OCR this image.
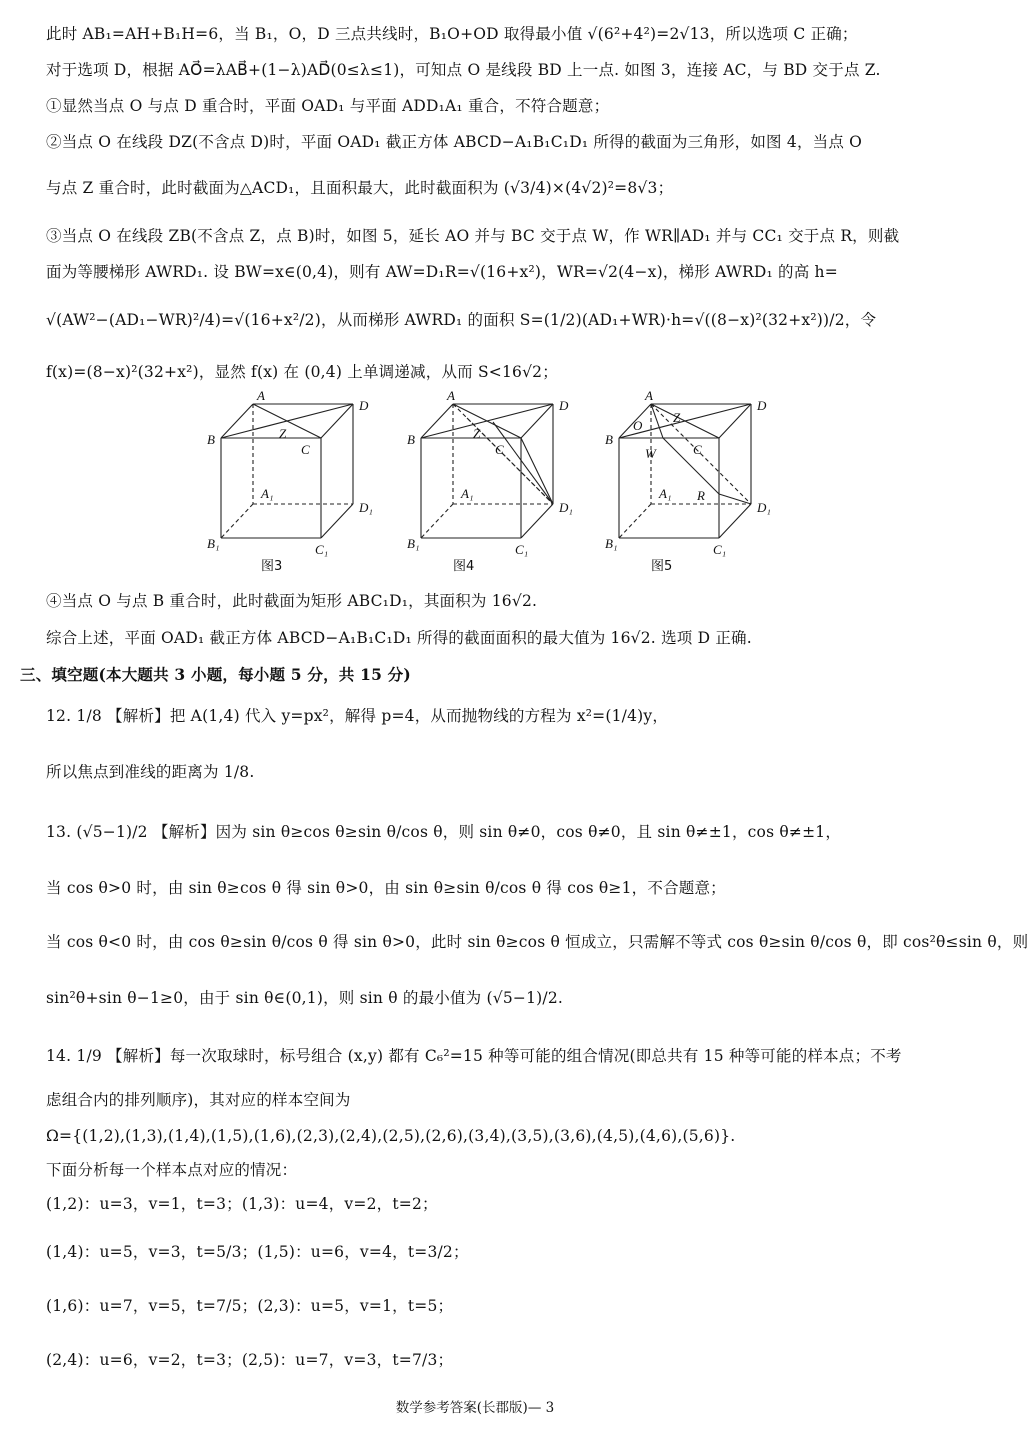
此时 AB₁=AH+B₁H=6，当 B₁，O，D 三点共线时，B₁O+OD 取得最小值 √(6²+4²)=2√13，所以选项 C 正确；
对于选项 D，根据 AO⃗=λAB⃗+(1−λ)AD⃗(0≤λ≤1)，可知点 O 是线段 BD 上一点. 如图 3，连接 AC，与 BD 交于点 Z.
①显然当点 O 与点 D 重合时，平面 OAD₁ 与平面 ADD₁A₁ 重合，不符合题意；
②当点 O 在线段 DZ(不含点 D)时，平面 OAD₁ 截正方体 ABCD−A₁B₁C₁D₁ 所得的截面为三角形，如图 4，当点 O
与点 Z 重合时，此时截面为△ACD₁，且面积最大，此时截面积为 (√3/4)×(4√2)²=8√3；
③当点 O 在线段 ZB(不含点 Z，点 B)时，如图 5，延长 AO 并与 BC 交于点 W，作 WR∥AD₁ 并与 CC₁ 交于点 R，则截
面为等腰梯形 AWRD₁. 设 BW=x∈(0,4)，则有 AW=D₁R=√(16+x²)，WR=√2(4−x)，梯形 AWRD₁ 的高 h=
√(AW²−(AD₁−WR)²/4)=√(16+x²/2)，从而梯形 AWRD₁ 的面积 S=(1/2)(AD₁+WR)·h=√((8−x)²(32+x²))/2，令
f(x)=(8−x)²(32+x²)，显然 f(x) 在 (0,4) 上单调递减，从而 S<16√2；
A
B
C
D
Z
A₁
B₁	C₁
D₁
图3
A
B
C
D
Z
A₁
B₁	C₁
D₁
图4
A
B
C
D
O
Z
W
R
A₁
B₁	C₁
D₁
图5
④当点 O 与点 B 重合时，此时截面为矩形 ABC₁D₁，其面积为 16√2.
综合上述，平面 OAD₁ 截正方体 ABCD−A₁B₁C₁D₁ 所得的截面面积的最大值为 16√2. 选项 D 正确.
三、填空题(本大题共 3 小题，每小题 5 分，共 15 分)
12. 1/8 【解析】把 A(1,4) 代入 y=px²，解得 p=4，从而抛物线的方程为 x²=(1/4)y，
所以焦点到准线的距离为 1/8.
13. (√5−1)/2 【解析】因为 sin θ≥cos θ≥sin θ/cos θ，则 sin θ≠0，cos θ≠0，且 sin θ≠±1，cos θ≠±1，
当 cos θ>0 时，由 sin θ≥cos θ 得 sin θ>0，由 sin θ≥sin θ/cos θ 得 cos θ≥1，不合题意；
当 cos θ<0 时，由 cos θ≥sin θ/cos θ 得 sin θ>0，此时 sin θ≥cos θ 恒成立，只需解不等式 cos θ≥sin θ/cos θ，即 cos²θ≤sin θ，则
sin²θ+sin θ−1≥0，由于 sin θ∈(0,1)，则 sin θ 的最小值为 (√5−1)/2.
14. 1/9 【解析】每一次取球时，标号组合 (x,y) 都有 C₆²=15 种等可能的组合情况(即总共有 15 种等可能的样本点；不考
虑组合内的排列顺序)，其对应的样本空间为
Ω={(1,2),(1,3),(1,4),(1,5),(1,6),(2,3),(2,4),(2,5),(2,6),(3,4),(3,5),(3,6),(4,5),(4,6),(5,6)}.
下面分析每一个样本点对应的情况：
(1,2)：u=3，v=1，t=3；(1,3)：u=4，v=2，t=2；
(1,4)：u=5，v=3，t=5/3；(1,5)：u=6，v=4，t=3/2；
(1,6)：u=7，v=5，t=7/5；(2,3)：u=5，v=1，t=5；
(2,4)：u=6，v=2，t=3；(2,5)：u=7，v=3，t=7/3；
数学参考答案(长郡版)— 3
